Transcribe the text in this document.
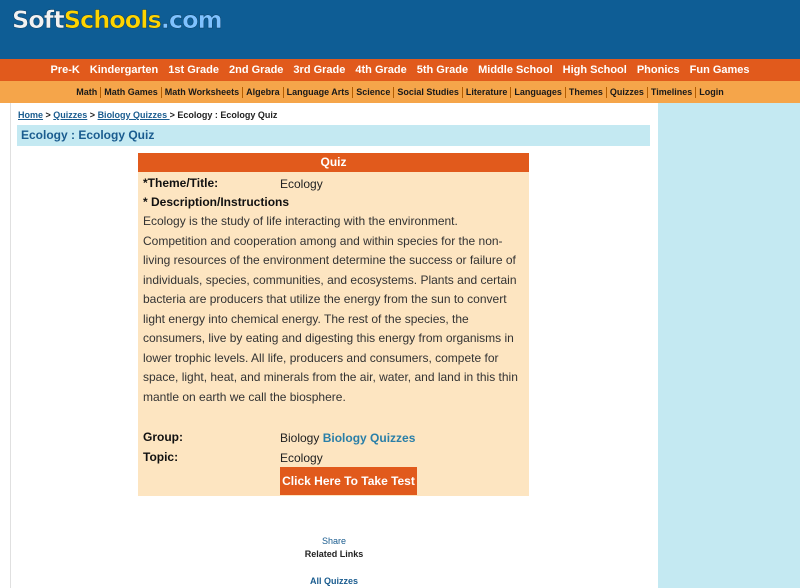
Soft Schools .com
Pre-K Kindergarten 1st Grade 2nd Grade 3rd Grade 4th Grade 5th Grade Middle School High School Phonics Fun Games
Math Math Games Math Worksheets Algebra Language Arts Science Social Studies Literature Languages Themes Quizzes Timelines Login
Home > Quizzes > Biology Quizzes > Ecology : Ecology Quiz
Ecology : Ecology Quiz
Quiz
*Theme/Title:	Ecology
* Description/Instructions
Ecology is the study of life interacting with the environment. Competition and cooperation among and within species for the non-living resources of the environment determine the success or failure of individuals, species, communities, and ecosystems. Plants and certain bacteria are producers that utilize the energy from the sun to convert light energy into chemical energy. The rest of the species, the consumers, live by eating and digesting this energy from organisms in lower trophic levels. All life, producers and consumers, compete for space, light, heat, and minerals from the air, water, and land in this thin mantle on earth we call the biosphere.
Group:	Biology Biology Quizzes
Topic:	Ecology
Click Here To Take Test
Share
Related Links
All Quizzes
